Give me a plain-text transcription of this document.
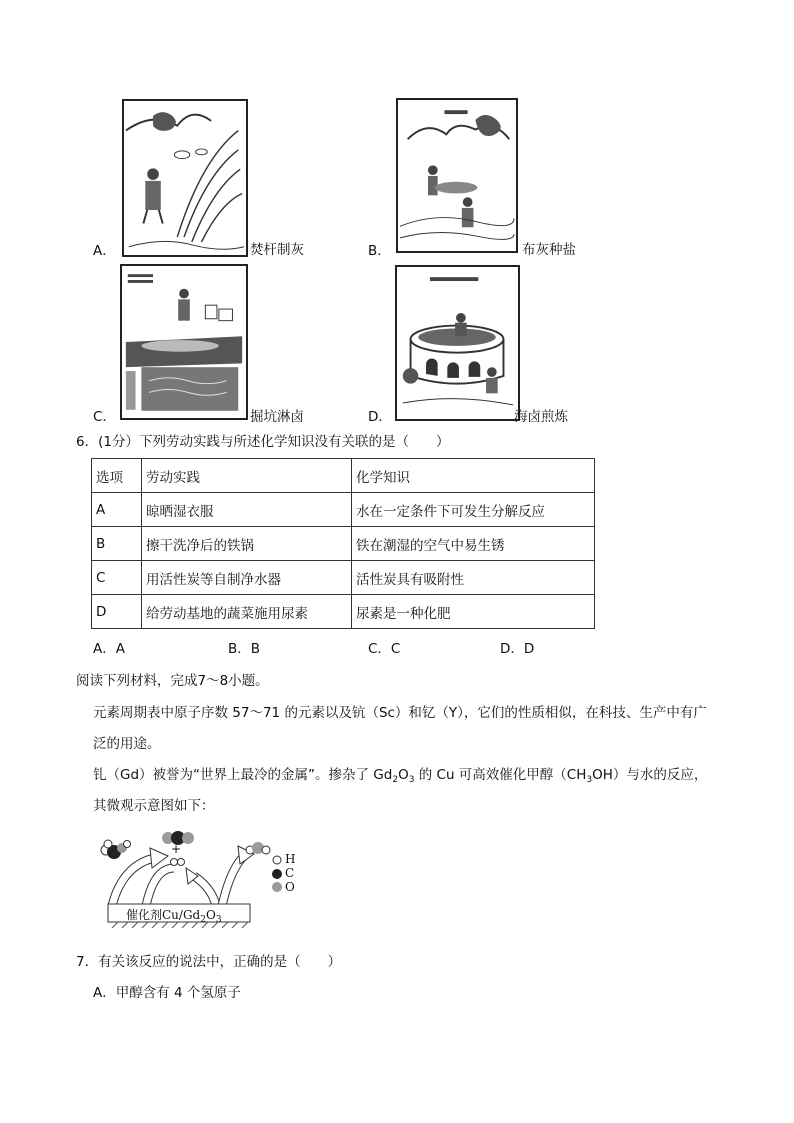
A．	焚杆制灰	B．	布灰种盐
C．	掘坑淋卤	D．	海卤煎炼
6．(1分）下列劳动实践与所述化学知识没有关联的是（　　）
选项	劳动实践	化学知识
A	晾晒湿衣服	水在一定条件下可发生分解反应
B	擦干洗净后的铁锅	铁在潮湿的空气中易生锈
C	用活性炭等自制净水器	活性炭具有吸附性
D	给劳动基地的蔬菜施用尿素	尿素是一种化肥
A．A	B．B	C．C	D．D
阅读下列材料，完成7～8小题。
元素周期表中原子序数 57～71 的元素以及钪（Sc）和钇（Y），它们的性质相似，在科技、生产中有广
泛的用途。
钆（Gd）被誉为“世界上最冷的金属”。掺杂了 $Gd_2O_3$ 的 Cu 可高效催化甲醇$(CH_3OH)$与水的反应，
其微观示意图如下：
+
H
C
O
催化剂$Cu/Gd_2O_3$
7．有关该反应的说法中，正确的是（　　）
A．甲醇含有 4 个氢原子
